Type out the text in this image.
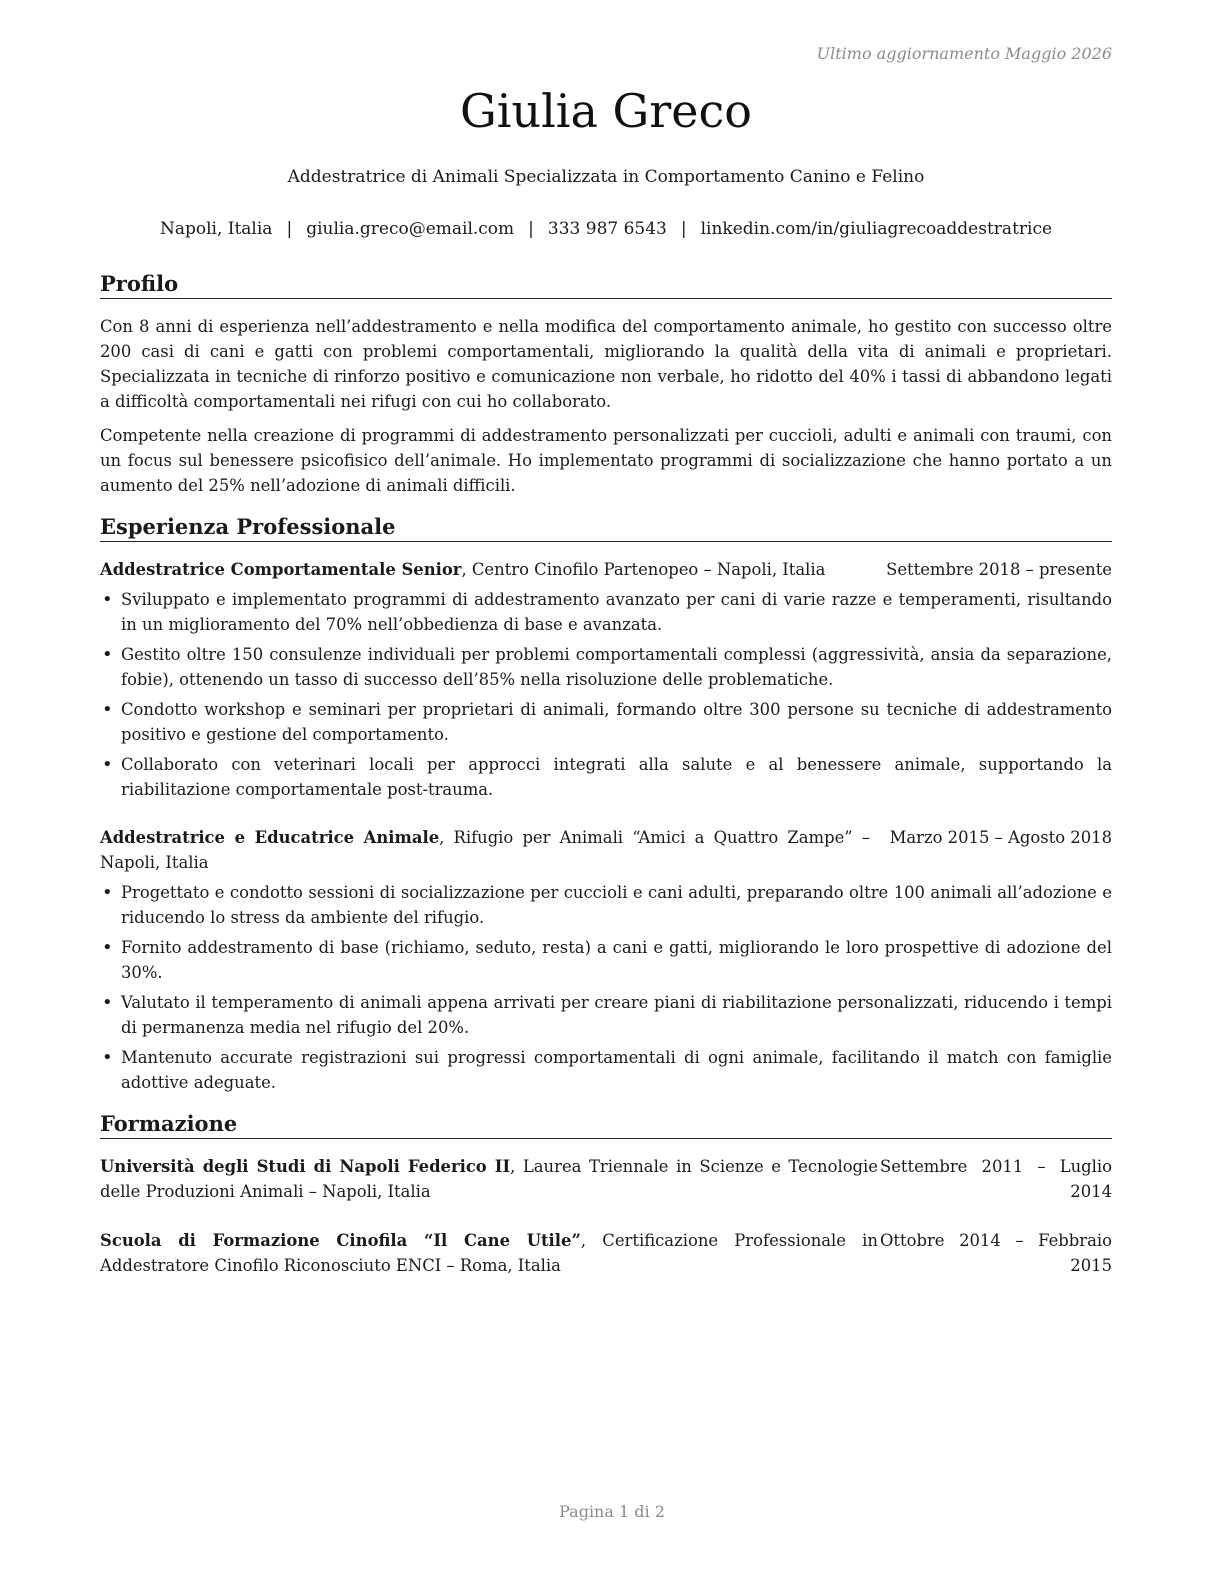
Ultimo aggiornamento Maggio 2026
Giulia Greco
Addestratrice di Animali Specializzata in Comportamento Canino e Felino
Napoli, Italia | giulia.greco@email.com | 333 987 6543 | linkedin.com/in/giuliagrecoaddestratrice
Profilo

Con 8 anni di esperienza nell’addestramento e nella modifica del comportamento animale, ho gestito con successo oltre 200 casi di cani e gatti con problemi comportamentali, migliorando la qualità della vita di animali e proprietari. Specializzata in tecniche di rinforzo positivo e comunicazione non verbale, ho ridotto del 40% i tassi di abbandono legati a difficoltà comportamentali nei rifugi con cui ho collaborato.

Competente nella creazione di programmi di addestramento personalizzati per cuccioli, adulti e animali con traumi, con un focus sul benessere psicofisico dell’animale. Ho implementato programmi di socializzazione che hanno portato a un aumento del 25% nell’adozione di animali difficili.

Esperienza Professionale
Addestratrice Comportamentale Senior, Centro Cinofilo Partenopeo – Napoli, Italia	Settembre 2018 – presente
• Sviluppato e implementato programmi di addestramento avanzato per cani di varie razze e temperamenti, risultando in un miglioramento del 70% nell’obbedienza di base e avanzata.
• Gestito oltre 150 consulenze individuali per problemi comportamentali complessi (aggressività, ansia da separazione, fobie), ottenendo un tasso di successo dell’85% nella risoluzione delle problematiche.
• Condotto workshop e seminari per proprietari di animali, formando oltre 300 persone su tecniche di addestramento positivo e gestione del comportamento.
• Collaborato con veterinari locali per approcci integrati alla salute e al benessere animale, supportando la riabilitazione comportamentale post-trauma.
Addestratrice e Educatrice Animale, Rifugio per Animali “Amici a Quattro Zampe” – Napoli, Italia
Marzo 2015 – Agosto 2018
• Progettato e condotto sessioni di socializzazione per cuccioli e cani adulti, preparando oltre 100 animali all’adozione e riducendo lo stress da ambiente del rifugio.
• Fornito addestramento di base (richiamo, seduto, resta) a cani e gatti, migliorando le loro prospettive di adozione del 30%.
• Valutato il temperamento di animali appena arrivati per creare piani di riabilitazione personalizzati, riducendo i tempi di permanenza media nel rifugio del 20%.
• Mantenuto accurate registrazioni sui progressi comportamentali di ogni animale, facilitando il match con famiglie adottive adeguate.
Formazione
Università degli Studi di Napoli Federico II, Laurea Triennale in Scienze e Tecnologie delle Produzioni Animali – Napoli, Italia
Settembre 2011 – Luglio 2014
Scuola di Formazione Cinofila “Il Cane Utile”, Certificazione Professionale in Addestratore Cinofilo Riconosciuto ENCI – Roma, Italia
Ottobre 2014 – Febbraio 2015
Pagina 1 di 2
